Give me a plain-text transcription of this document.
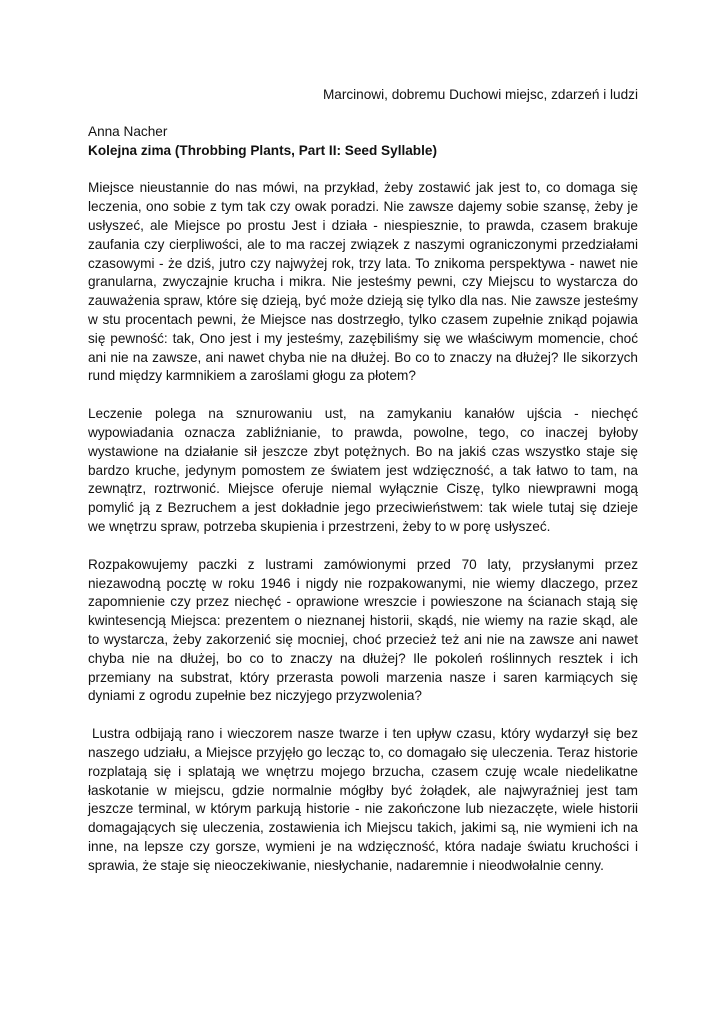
Marcinowi, dobremu Duchowi miejsc, zdarzeń i ludzi

Anna Nacher

Kolejna zima (Throbbing Plants, Part II: Seed Syllable)

Miejsce nieustannie do nas mówi, na przykład, żeby zostawić jak jest to, co domaga się leczenia, ono sobie z tym tak czy owak poradzi. Nie zawsze dajemy sobie szansę, żeby je usłyszeć, ale Miejsce po prostu Jest i działa - niespiesznie, to prawda, czasem brakuje zaufania czy cierpliwości, ale to ma raczej związek z naszymi ograniczonymi przedziałami czasowymi - że dziś, jutro czy najwyżej rok, trzy lata. To znikoma perspektywa - nawet nie granularna, zwyczajnie krucha i mikra. Nie jesteśmy pewni, czy Miejscu to wystarcza do zauważenia spraw, które się dzieją, być może dzieją się tylko dla nas. Nie zawsze jesteśmy w stu procentach pewni, że Miejsce nas dostrzegło, tylko czasem zupełnie znikąd pojawia się pewność: tak, Ono jest i my jesteśmy, zazębiliśmy się we właściwym momencie, choć ani nie na zawsze, ani nawet chyba nie na dłużej. Bo co to znaczy na dłużej? Ile sikorzych rund między karmnikiem a zaroślami głogu za płotem?

Leczenie polega na sznurowaniu ust, na zamykaniu kanałów ujścia - niechęć wypowiadania oznacza zabliźnianie, to prawda, powolne, tego, co inaczej byłoby wystawione na działanie sił jeszcze zbyt potężnych. Bo na jakiś czas wszystko staje się bardzo kruche, jedynym pomostem ze światem jest wdzięczność, a tak łatwo to tam, na zewnątrz, roztrwonić. Miejsce oferuje niemal wyłącznie Ciszę, tylko niewprawni mogą pomylić ją z Bezruchem a jest dokładnie jego przeciwieństwem: tak wiele tutaj się dzieje we wnętrzu spraw, potrzeba skupienia i przestrzeni, żeby to w porę usłyszeć.

Rozpakowujemy paczki z lustrami zamówionymi przed 70 laty, przysłanymi przez niezawodną pocztę w roku 1946 i nigdy nie rozpakowanymi, nie wiemy dlaczego, przez zapomnienie czy przez niechęć - oprawione wreszcie i powieszone na ścianach stają się kwintesencją Miejsca: prezentem o nieznanej historii, skądś, nie wiemy na razie skąd, ale to wystarcza, żeby zakorzenić się mocniej, choć przecież też ani nie na zawsze ani nawet chyba nie na dłużej, bo co to znaczy na dłużej? Ile pokoleń roślinnych resztek i ich przemiany na substrat, który przerasta powoli marzenia nasze i saren karmiących się dyniami z ogrodu zupełnie bez niczyjego przyzwolenia?

Lustra odbijają rano i wieczorem nasze twarze i ten upływ czasu, który wydarzył się bez naszego udziału, a Miejsce przyjęło go lecząc to, co domagało się uleczenia. Teraz historie rozplatają się i splatają we wnętrzu mojego brzucha, czasem czuję wcale niedelikatne łaskotanie w miejscu, gdzie normalnie mógłby być żołądek, ale najwyraźniej jest tam jeszcze terminal, w którym parkują historie - nie zakończone lub niezaczęte, wiele historii domagających się uleczenia, zostawienia ich Miejscu takich, jakimi są, nie wymieni ich na inne, na lepsze czy gorsze, wymieni je na wdzięczność, która nadaje światu kruchości i sprawia, że staje się nieoczekiwanie, niesłychanie, nadaremnie i nieodwołalnie cenny.
